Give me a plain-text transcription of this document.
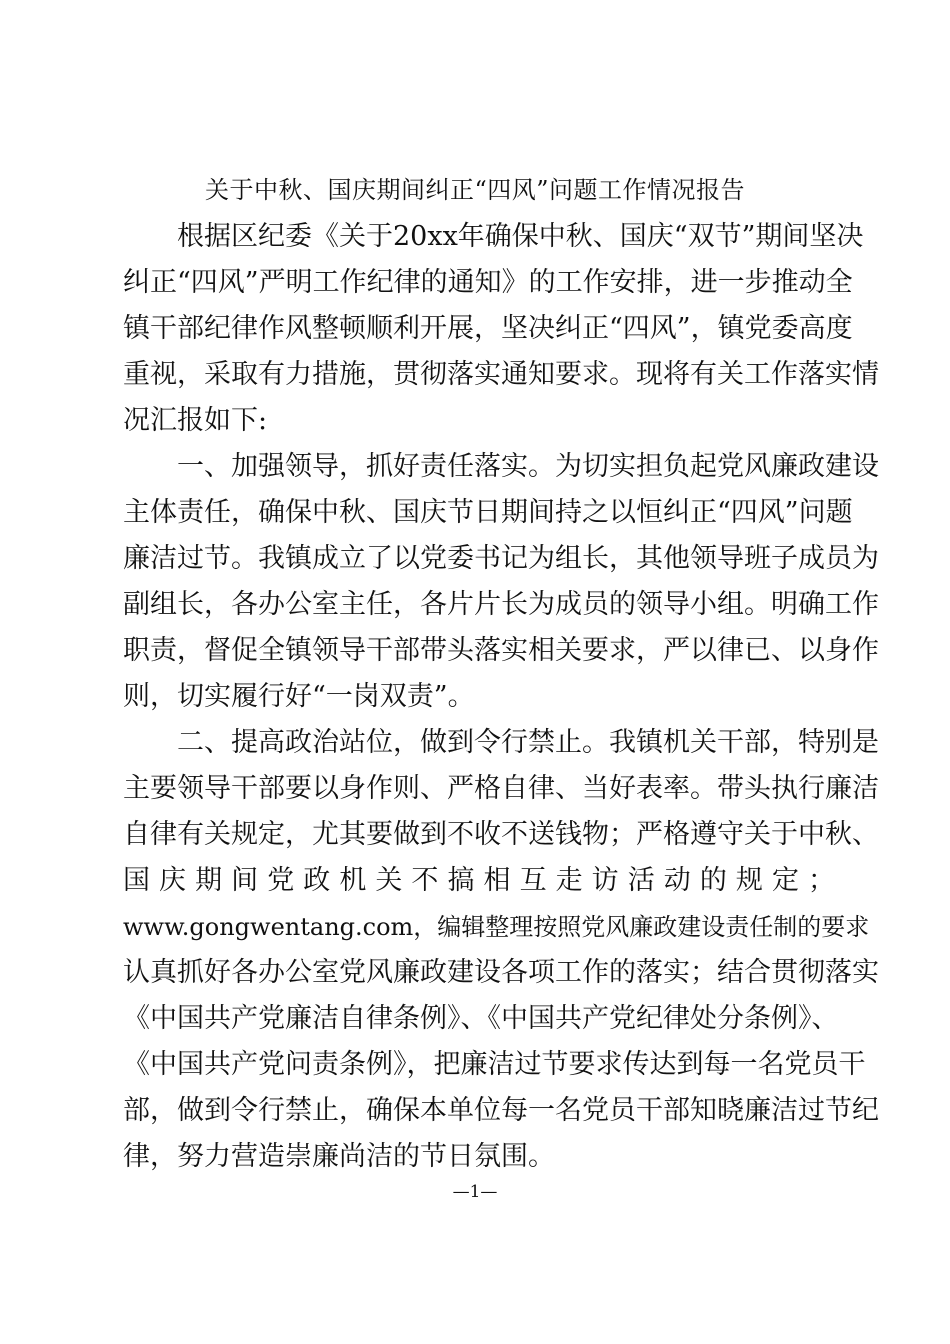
关于中秋、国庆期间纠正“四风”问题工作情况报告
根据区纪委《关于20xx年确保中秋、国庆“双节”期间坚决
纠正“四风”严明工作纪律的通知》的工作安排，进一步推动全
镇干部纪律作风整顿顺利开展，坚决纠正“四风”，镇党委高度
重视，采取有力措施，贯彻落实通知要求。现将有关工作落实情
况汇报如下:
一、加强领导，抓好责任落实。为切实担负起党风廉政建设
主体责任，确保中秋、国庆节日期间持之以恒纠正“四风”问题
廉洁过节。我镇成立了以党委书记为组长，其他领导班子成员为
副组长，各办公室主任，各片片长为成员的领导小组。明确工作
职责，督促全镇领导干部带头落实相关要求，严以律已、以身作
则，切实履行好“一岗双责”。
二、提高政治站位，做到令行禁止。我镇机关干部，特别是
主要领导干部要以身作则、严格自律、当好表率。带头执行廉洁
自律有关规定，尤其要做到不收不送钱物；严格遵守关于中秋、
国庆期间党政机关不搞相互走访活动的规定；
www.gongwentang.com，编辑整理按照党风廉政建设责任制的要求
认真抓好各办公室党风廉政建设各项工作的落实；结合贯彻落实
《中国共产党廉洁自律条例》、《中国共产党纪律处分条例》、
《中国共产党问责条例》，把廉洁过节要求传达到每一名党员干
部，做到令行禁止，确保本单位每一名党员干部知晓廉洁过节纪
律，努力营造崇廉尚洁的节日氛围。
—1—
